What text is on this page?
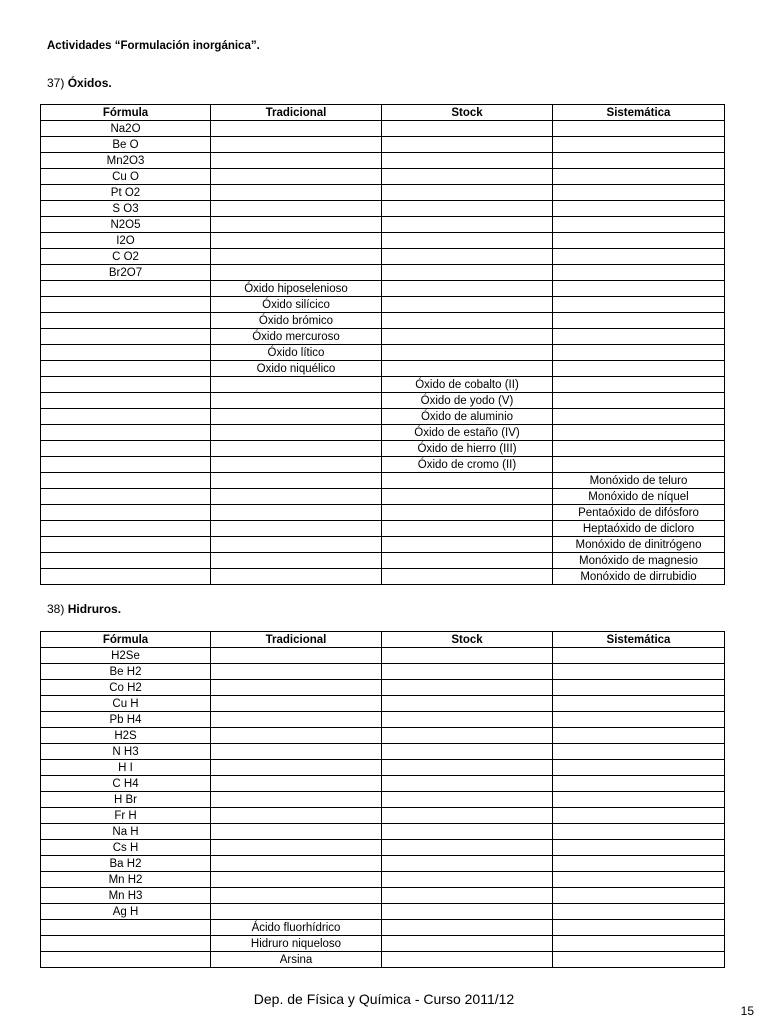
Actividades “Formulación inorgánica”.
37) Óxidos.
Fórmula	Tradicional	Stock	Sistemática
Na2O			
Be O			
Mn2O3			
Cu O			
Pt O2			
S O3			
N2O5			
I2O			
C O2			
Br2O7			
	Óxido hiposelenioso		
	Óxido silícico		
	Óxido brómico		
	Óxido mercuroso		
	Óxido lítico		
	Oxido niquélico		
		Óxido de cobalto (II)	
		Óxido de yodo (V)	
		Óxido de aluminio	
		Óxido de estaño (IV)	
		Óxido de hierro (III)	
		Óxido de cromo (II)	
			Monóxido de teluro
			Monóxido de níquel
			Pentaóxido de difósforo
			Heptaóxido de dicloro
			Monóxido de dinitrógeno
			Monóxido de magnesio
			Monóxido de dirrubidio
38) Hidruros.
Fórmula	Tradicional	Stock	Sistemática
H2Se			
Be H2			
Co H2			
Cu H			
Pb H4			
H2S			
N H3			
H I			
C H4			
H Br			
Fr H			
Na H			
Cs H			
Ba H2			
Mn H2			
Mn H3			
Ag H			
	Ácido fluorhídrico		
	Hidruro niqueloso		
	Arsina		
Dep. de Física y Química - Curso 2011/12
15
